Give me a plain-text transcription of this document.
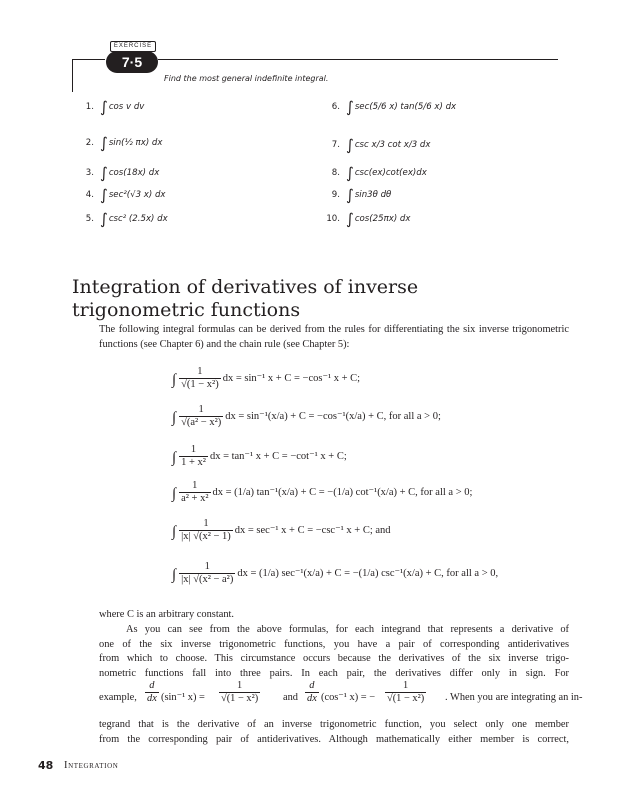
EXERCISE
7·5
Find the most general indefinite integral.
1. ∫cos v dv
2. ∫sin(½ πx) dx
3. ∫cos(18x) dx
4. ∫sec²(√3 x) dx
5. ∫csc² (2.5x) dx
6. ∫sec(5/6 x) tan(5/6 x) dx
7. ∫csc x/3 cot x/3 dx
8. ∫csc(ex)cot(ex)dx
9. ∫sin3θ dθ
10. ∫cos(25πx) dx
Integration of derivatives of inverse
trigonometric functions
The following integral formulas can be derived from the rules for differentiating the six inverse trigonometric functions (see Chapter 6) and the chain rule (see Chapter 5):
∫ $\frac{1}{\text{√(1 − x²)}}$ dx = sin⁻¹ x + C = −cos⁻¹ x + C;
∫ $\frac{1}{\text{√(a² − x²)}}$ dx = sin⁻¹(x/a) + C = −cos⁻¹(x/a) + C, for all a > 0;
∫ $\frac{1}{\text{1 + x²}}$ dx = tan⁻¹ x + C = −cot⁻¹ x + C;
∫ $\frac{1}{\text{a² + x²}}$ dx = (1/a) tan⁻¹(x/a) + C = −(1/a) cot⁻¹(x/a) + C, for all a > 0;
∫ $\frac{1}{\text{|x| √(x² − 1)}}$ dx = sec⁻¹ x + C = −csc⁻¹ x + C; and
∫ $\frac{1}{\text{|x| √(x² − a²)}}$ dx = (1/a) sec⁻¹(x/a) + C = −(1/a) csc⁻¹(x/a) + C, for all a > 0,
where C is an arbitrary constant.
As you can see from the above formulas, for each integrand that represents a derivative of
one of the six inverse trigonometric functions, you have a pair of corresponding antiderivatives
from which to choose. This circumstance occurs because the derivatives of the six inverse trigo-
nometric functions fall into three pairs. In each pair, the derivatives differ only in sign. For
example, $\frac{d}{dx} (\sin^{-1}$ $x) = \frac{1}{\text{√(1 − x²)}}$ and $\frac{d}{dx} (\cos^{-1}$ x) = − $\frac{1}{\text{√(1 − x²)}}$ . When you are integrating an in-
tegrand that is the derivative of an inverse trigonometric function, you select only one member
from the corresponding pair of antiderivatives. Although mathematically either member is correct,
48 Integration
